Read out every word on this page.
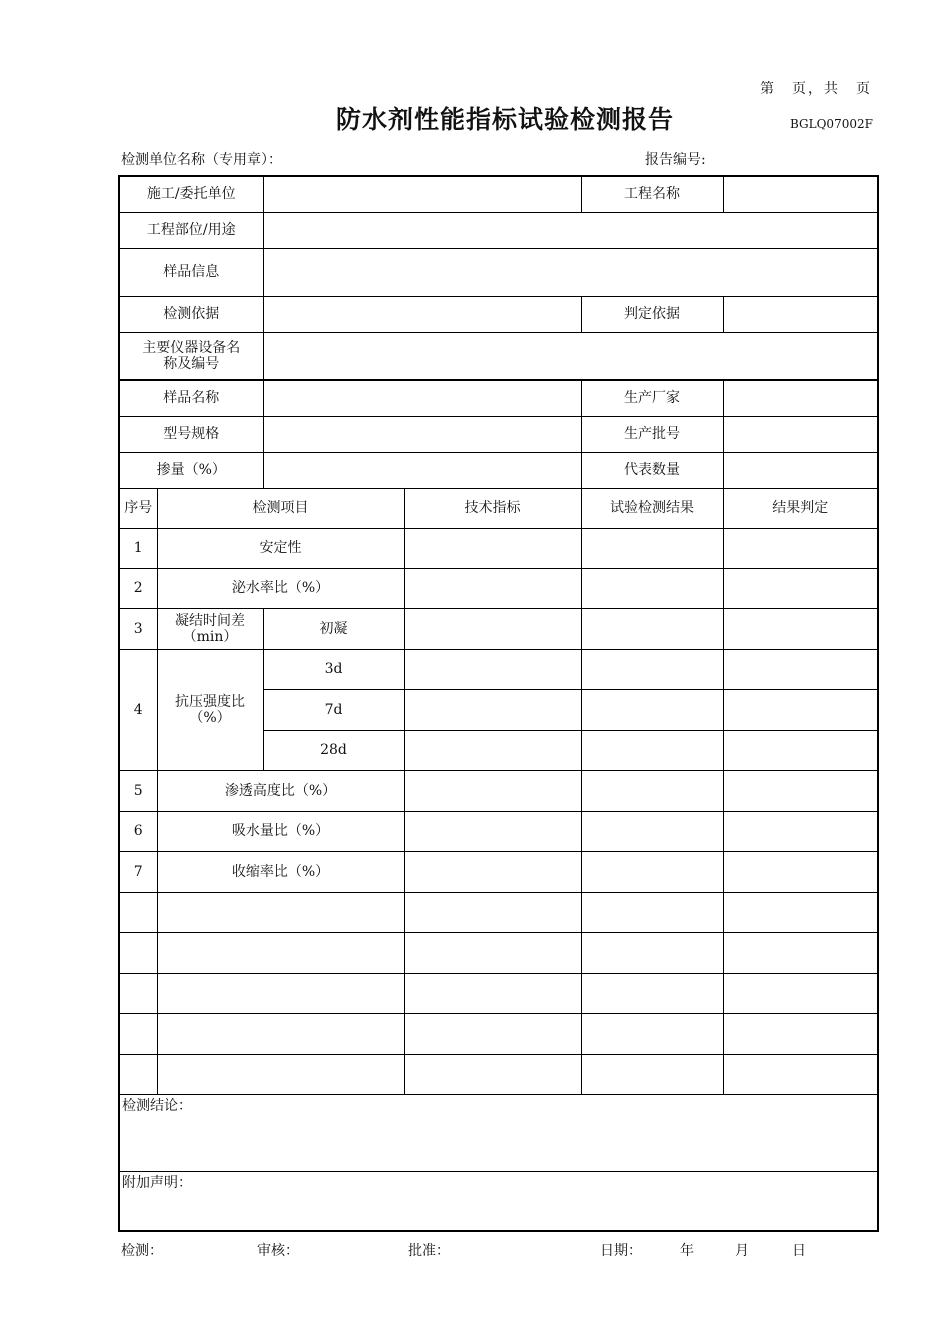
第　页，共　页
防水剂性能指标试验检测报告	BGLQ07002F
检测单位名称（专用章）：	报告编号:
施工/委托单位				工程名称	
工程部位/用途					
样品信息					
检测依据				判定依据	

主要仪器设备名称及编号					

样品名称				生产厂家	
型号规格				生产批号	
掺量（%）				代表数量	
序号	检测项目		技术指标	试验检测结果	结果判定
1	安定性				
2	泌水率比（%）				
3	凝结时间差（min）	初凝			
4	抗压强度比（%）	3d			
		7d			
		28d			
5	渗透高度比（%）				
6	吸水量比（%）				
7	收缩率比（%）				

检测结论：					
附加声明：					
检测：	审核：	批准：	日期：	年	月	日
